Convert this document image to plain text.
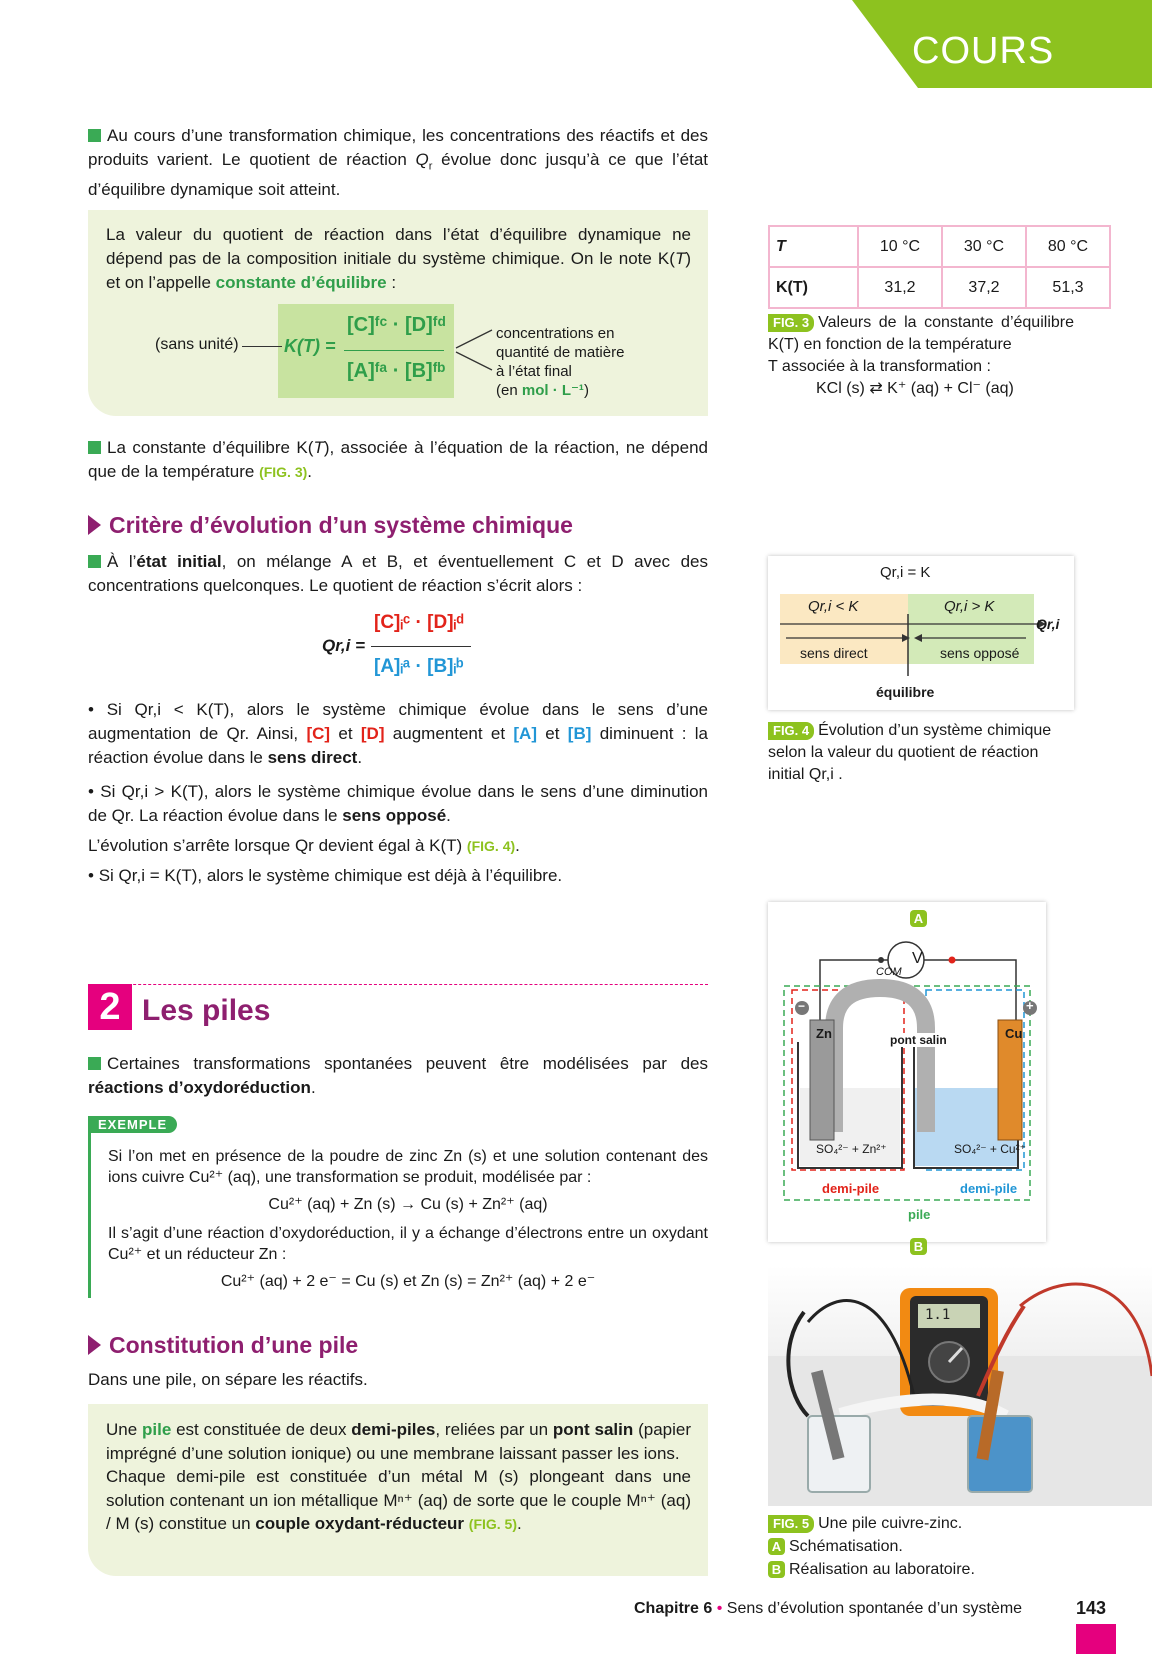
COURS
Au cours d’une transformation chimique, les concentrations des réactifs et des produits varient. Le quotient de réaction $Q_r$ évolue donc jusqu’à ce que l’état d’équilibre dynamique soit atteint.
La valeur du quotient de réaction dans l’état d’équilibre dynamique ne dépend pas de la composition initiale du système chimique. On le note K(T) et on l’appelle constante d’équilibre :
(sans unité)	K(T) =
[C]ᶠᶜ · [D]ᶠᵈ
[A]ᶠᵃ · [B]ᶠᵇ
concentrations en
quantité de matière
à l’état final
(en mol · L⁻¹)
La constante d’équilibre K(T), associée à l’équation de la réaction, ne dépend que de la température (FIG. 3).
T	10 °C	30 °C	80 °C
K(T)	31,2	37,2	51,3
FIG. 3 Valeurs de la constante d’équilibre K(T) en fonction de la température
T associée à la transformation :
KCl (s) ⇄ K⁺ (aq) + Cl⁻ (aq)
Critère d’évolution d’un système chimique
À l’état initial, on mélange A et B, et éventuellement C et D avec des concentrations quelconques. Le quotient de réaction s’écrit alors :
Qr,i =
[C]ᵢᶜ · [D]ᵢᵈ
[A]ᵢᵃ · [B]ᵢᵇ
• Si Qr,i < K(T), alors le système chimique évolue dans le sens d’une augmentation de Qr. Ainsi, [C] et [D] augmentent et [A] et [B] diminuent : la réaction évolue dans le sens direct.
• Si Qr,i > K(T), alors le système chimique évolue dans le sens d’une diminution de Qr. La réaction évolue dans le sens opposé.
L’évolution s’arrête lorsque Qr devient égal à K(T) (FIG. 4).
• Si Qr,i = K(T), alors le système chimique est déjà à l’équilibre.
Qr,i = K
Qr,i < K	Qr,i > K
Qr,i
sens direct	sens opposé
équilibre
FIG. 4 Évolution d’un système chimique selon la valeur du quotient de réaction initial Qr,i .
2 Les piles
Certaines transformations spontanées peuvent être modélisées par des réactions d’oxydoréduction.
EXEMPLE
Si l’on met en présence de la poudre de zinc Zn (s) et une solution contenant des ions cuivre Cu²⁺ (aq), une transformation se produit, modélisée par :
Cu²⁺ (aq) + Zn (s) → Cu (s) + Zn²⁺ (aq)
Il s’agit d’une réaction d’oxydoréduction, il y a échange d’électrons entre un oxydant Cu²⁺ et un réducteur Zn :
Cu²⁺ (aq) + 2 e⁻ = Cu (s) et Zn (s) = Zn²⁺ (aq) + 2 e⁻
Constitution d’une pile
Dans une pile, on sépare les réactifs.
Une pile est constituée de deux demi-piles, reliées par un pont salin (papier imprégné d’une solution ionique) ou une membrane laissant passer les ions.
Chaque demi-pile est constituée d’un métal M (s) plongeant dans une solution contenant un ion métallique Mⁿ⁺ (aq) de sorte que le couple Mⁿ⁺ (aq) / M (s) constitue un couple oxydant-réducteur (FIG. 5).
A
V
COM
−	+
Zn	Cu
pont salin
SO₄²⁻ + Zn²⁺	SO₄²⁻ + Cu²⁺
demi-pile	demi-pile
pile
B
1.1
FIG. 5 Une pile cuivre-zinc.
A Schématisation.
B Réalisation au laboratoire.
Chapitre 6 • Sens d’évolution spontanée d’un système	143
